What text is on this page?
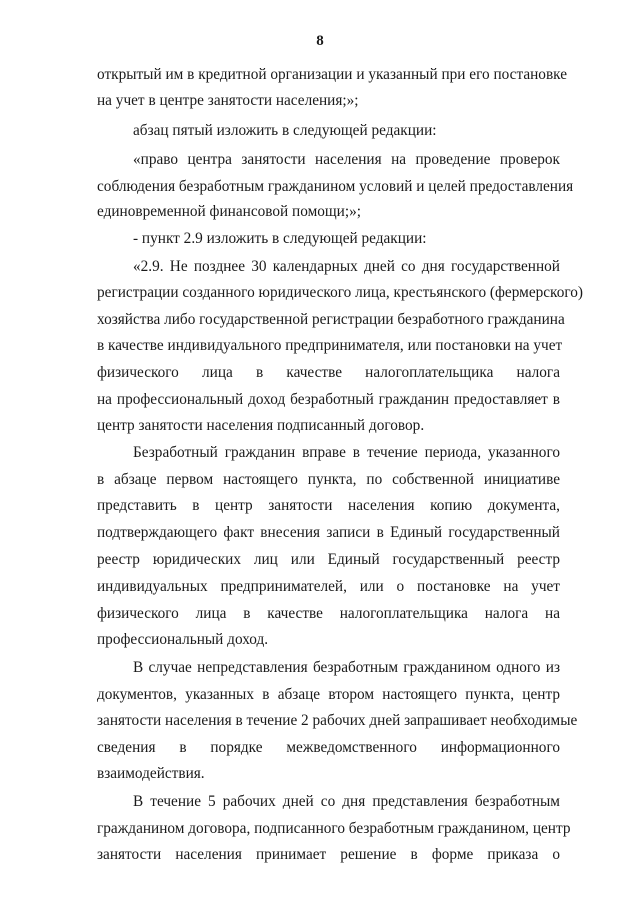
8
открытый им в кредитной организации и указанный при его постановке
на учет в центре занятости населения;»;
абзац пятый изложить в следующей редакции:
«право центра занятости населения на проведение проверок
соблюдения безработным гражданином условий и целей предоставления
единовременной финансовой помощи;»;
- пункт 2.9 изложить в следующей редакции:
«2.9. Не позднее 30 календарных дней со дня государственной
регистрации созданного юридического лица, крестьянского (фермерского)
хозяйства либо государственной регистрации безработного гражданина
в качестве индивидуального предпринимателя, или постановки на учет
физического лица в качестве налогоплательщика налога
на профессиональный доход безработный гражданин предоставляет в
центр занятости населения подписанный договор.
Безработный гражданин вправе в течение периода, указанного
в абзаце первом настоящего пункта, по собственной инициативе
представить в центр занятости населения копию документа,
подтверждающего факт внесения записи в Единый государственный
реестр юридических лиц или Единый государственный реестр
индивидуальных предпринимателей, или о постановке на учет
физического лица в качестве налогоплательщика налога на
профессиональный доход.
В случае непредставления безработным гражданином одного из
документов, указанных в абзаце втором настоящего пункта, центр
занятости населения в течение 2 рабочих дней запрашивает необходимые
сведения в порядке межведомственного информационного
взаимодействия.
В течение 5 рабочих дней со дня представления безработным
гражданином договора, подписанного безработным гражданином, центр
занятости населения принимает решение в форме приказа о
